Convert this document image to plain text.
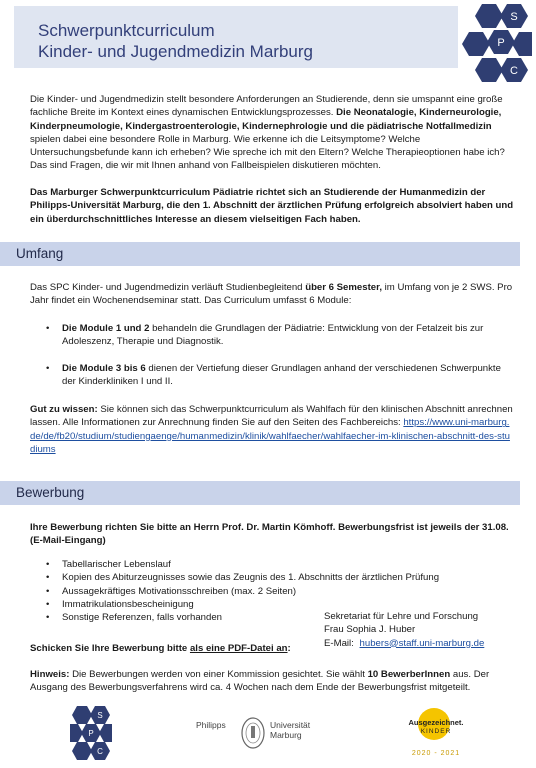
Schwerpunktcurriculum
Kinder- und Jugendmedizin Marburg
S
P
C
Die Kinder- und Jugendmedizin stellt besondere Anforderungen an Studierende, denn sie umspannt eine große fachliche Breite im Kontext eines dynamischen Entwicklungsprozesses. Die Neonatalogie, Kinderneurologie, Kinderpneumologie, Kindergastroenterologie, Kindernephrologie und die pädiatrische Notfallmedizin spielen dabei eine besondere Rolle in Marburg. Wie erkenne ich die Leitsymptome? Welche Untersuchungsbefunde kann ich erheben? Wie spreche ich mit den Eltern? Welche Therapieoptionen habe ich? Das sind Fragen, die wir mit Ihnen anhand von Fallbeispielen diskutieren möchten.
Das Marburger Schwerpunktcurriculum Pädiatrie richtet sich an Studierende der Humanmedizin der Philipps-Universität Marburg, die den 1. Abschnitt der ärztlichen Prüfung erfolgreich absolviert haben und ein überdurchschnittliches Interesse an diesem vielseitigen Fach haben.
Umfang
Das SPC Kinder- und Jugendmedizin verläuft Studienbegleitend über 6 Semester, im Umfang von je 2 SWS. Pro Jahr findet ein Wochenendseminar statt. Das Curriculum umfasst 6 Module:
• Die Module 1 und 2 behandeln die Grundlagen der Pädiatrie: Entwicklung von der Fetalzeit bis zur Adoleszenz, Therapie und Diagnostik.
• Die Module 3 bis 6 dienen der Vertiefung dieser Grundlagen anhand der verschiedenen Schwerpunkte der Kinderkliniken I und II.
Gut zu wissen: Sie können sich das Schwerpunktcurriculum als Wahlfach für den klinischen Abschnitt anrechnen lassen. Alle Informationen zur Anrechnung finden Sie auf den Seiten des Fachbereichs: https://www.uni-marburg.de/de/fb20/studium/studiengaenge/humanmedizin/klinik/wahlfaecher/wahlfaecher-im-klinischen-abschnitt-des-studiums
Bewerbung
Ihre Bewerbung richten Sie bitte an Herrn Prof. Dr. Martin Kömhoff. Bewerbungsfrist ist jeweils der 31.08. (E-Mail-Eingang)
• Tabellarischer Lebenslauf
• Kopien des Abiturzeugnisses sowie das Zeugnis des 1. Abschnitts der ärztlichen Prüfung
• Aussagekräftiges Motivationsschreiben (max. 2 Seiten)
• Immatrikulationsbescheinigung
• Sonstige Referenzen, falls vorhanden	Sekretariat für Lehre und Forschung
Frau Sophia J. Huber
E-Mail: hubers@staff.uni-marburg.de
Schicken Sie Ihre Bewerbung bitte als eine PDF-Datei an:
Hinweis: Die Bewerbungen werden von einer Kommission gesichtet. Sie wählt 10 BewerberInnen aus. Der Ausgang des Bewerbungsverfahrens wird ca. 4 Wochen nach dem Ende der Bewerbungsfrist mitgeteilt.
S
P
C
Philipps	Universität
Marburg
Ausgezeichnet.
KINDER
2020 - 2021
